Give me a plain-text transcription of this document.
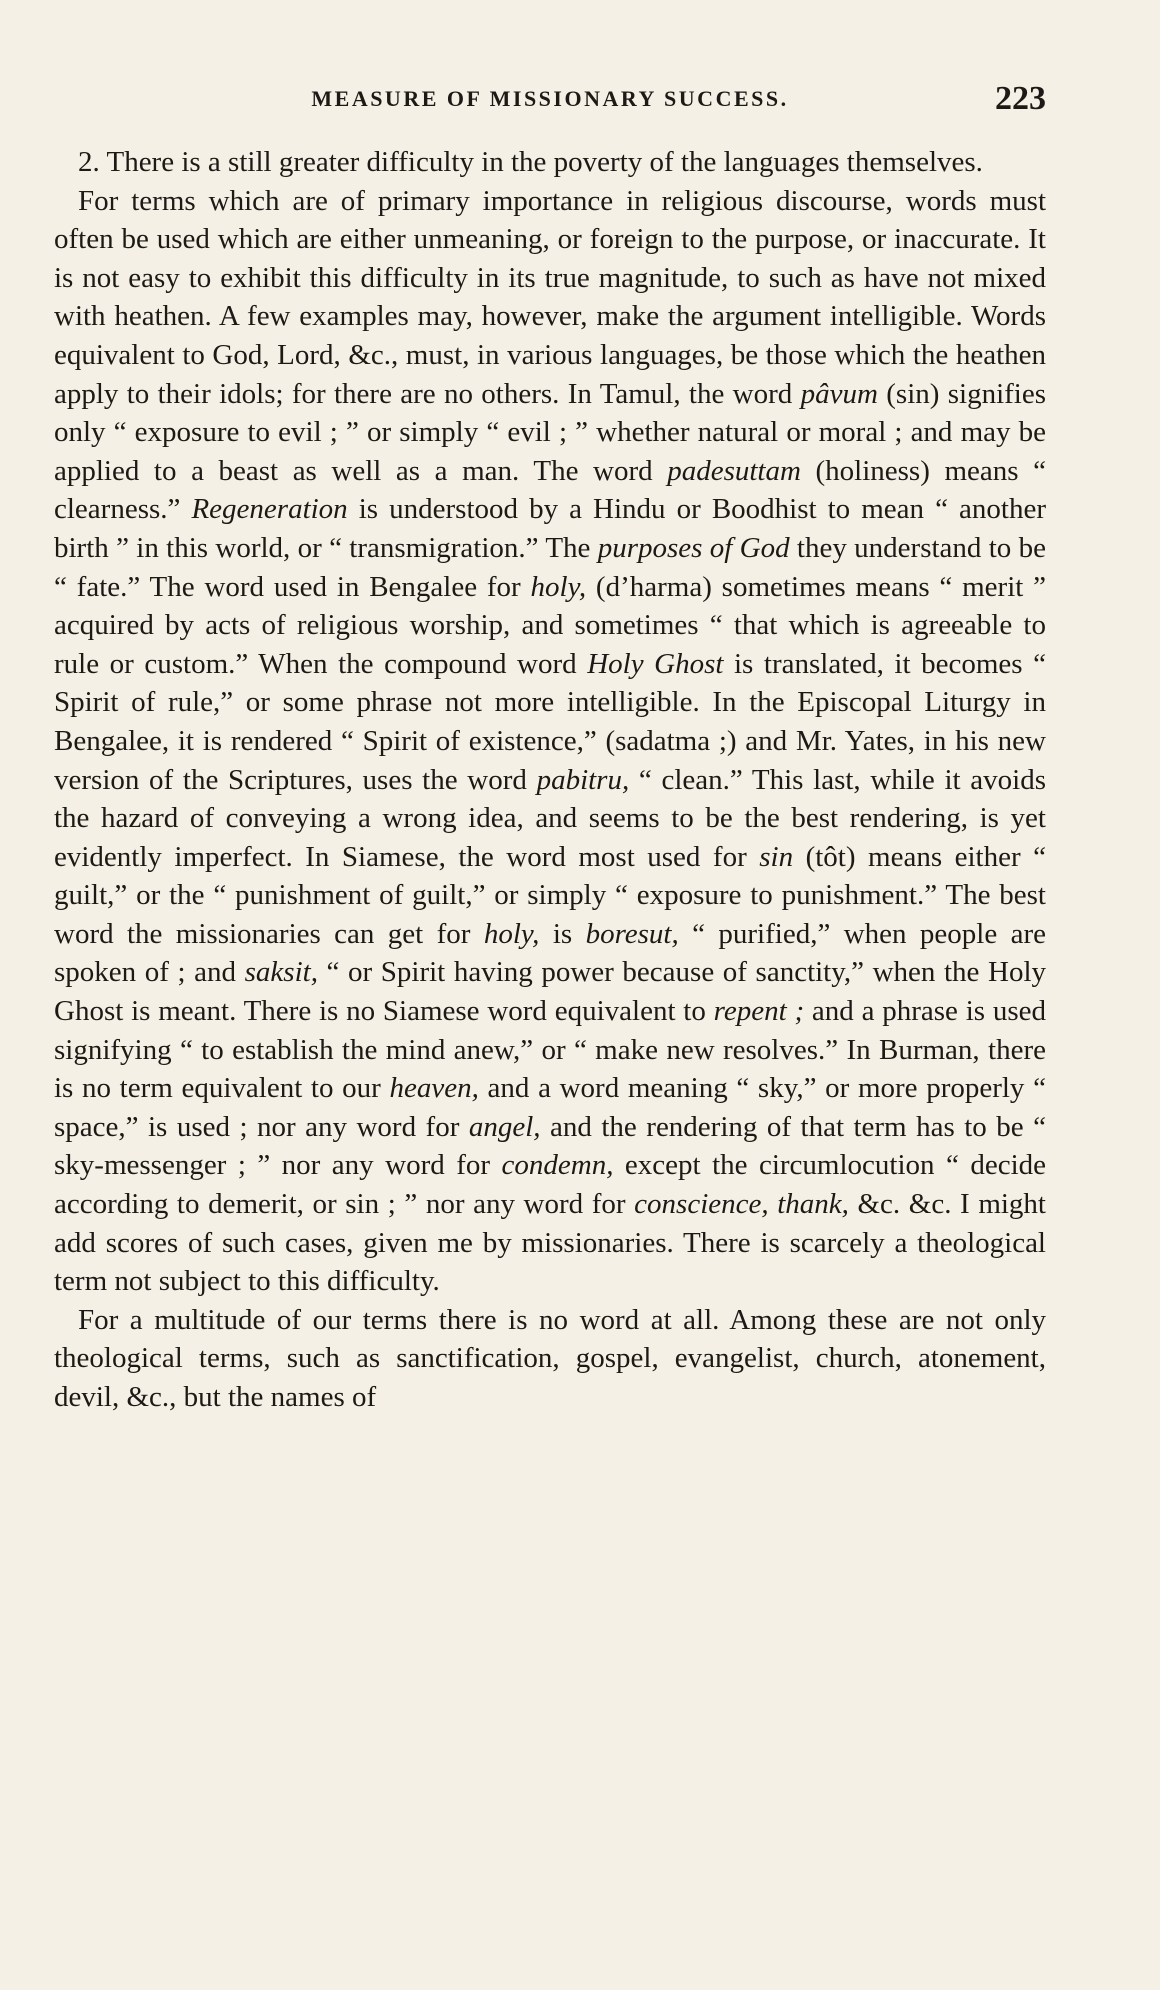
MEASURE OF MISSIONARY SUCCESS.	223

2. There is a still greater difficulty in the poverty of the languages themselves.

For terms which are of primary importance in religious discourse, words must often be used which are either unmeaning, or foreign to the purpose, or inaccurate. It is not easy to exhibit this difficulty in its true magnitude, to such as have not mixed with heathen. A few examples may, however, make the argument intelligible. Words equivalent to God, Lord, &c., must, in various languages, be those which the heathen apply to their idols; for there are no others. In Tamul, the word pâvum (sin) signifies only “ exposure to evil ; ” or simply “ evil ; ” whether natural or moral ; and may be applied to a beast as well as a man. The word padesuttam (holiness) means “ clearness.” Regeneration is understood by a Hindu or Boodhist to mean “ another birth ” in this world, or “ transmigration.” The purposes of God they understand to be “ fate.” The word used in Bengalee for holy, (d’harma) sometimes means “ merit ” acquired by acts of religious worship, and sometimes “ that which is agreeable to rule or custom.” When the compound word Holy Ghost is translated, it becomes “ Spirit of rule,” or some phrase not more intelligible. In the Episcopal Liturgy in Bengalee, it is rendered “ Spirit of existence,” (sadatma ;) and Mr. Yates, in his new version of the Scriptures, uses the word pabitru, “ clean.” This last, while it avoids the hazard of conveying a wrong idea, and seems to be the best rendering, is yet evidently imperfect. In Siamese, the word most used for sin (tôt) means either “ guilt,” or the “ punishment of guilt,” or simply “ exposure to punishment.” The best word the missionaries can get for holy, is boresut, “ purified,” when people are spoken of ; and saksit, “ or Spirit having power because of sanctity,” when the Holy Ghost is meant. There is no Siamese word equivalent to repent ; and a phrase is used signifying “ to establish the mind anew,” or “ make new resolves.” In Burman, there is no term equivalent to our heaven, and a word meaning “ sky,” or more properly “ space,” is used ; nor any word for angel, and the rendering of that term has to be “ sky-messenger ; ” nor any word for condemn, except the circumlocution “ decide according to demerit, or sin ; ” nor any word for conscience, thank, &c. &c. I might add scores of such cases, given me by missionaries. There is scarcely a theological term not subject to this difficulty.

For a multitude of our terms there is no word at all. Among these are not only theological terms, such as sanctification, gospel, evangelist, church, atonement, devil, &c., but the names of
